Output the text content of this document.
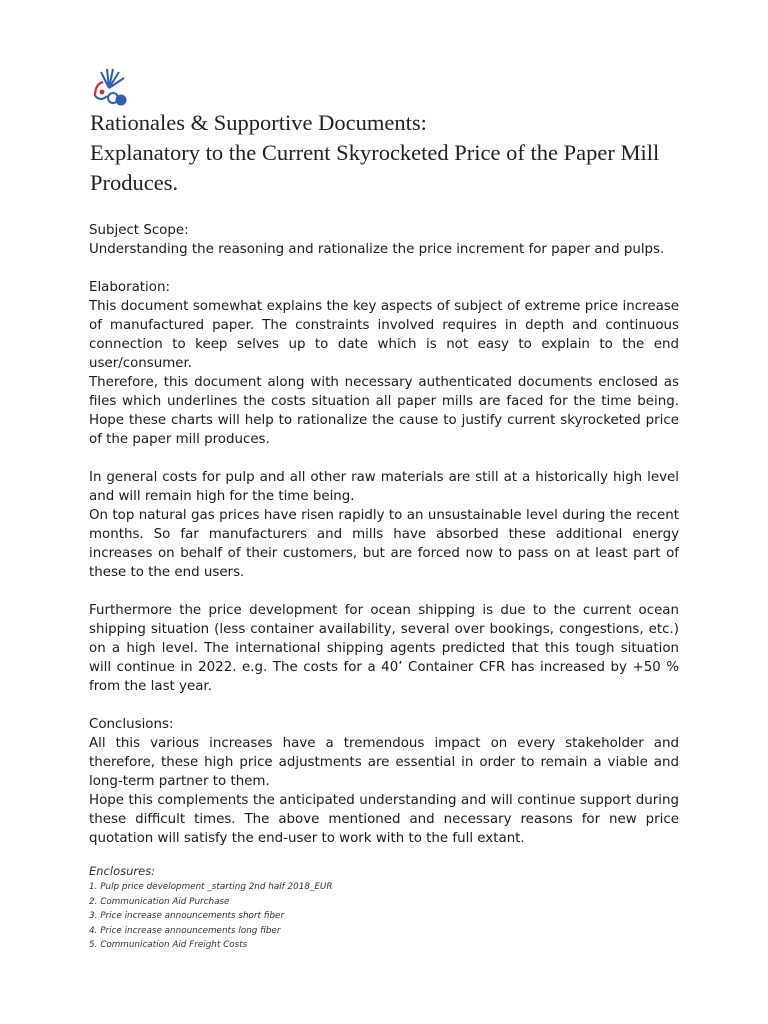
Rationales & Supportive Documents:
Explanatory to the Current Skyrocketed Price of the Paper Mill
Produces.

Subject Scope:

Understanding the reasoning and rationalize the price increment for paper and pulps.

Elaboration:

This document somewhat explains the key aspects of subject of extreme price increase of manufactured paper. The constraints involved requires in depth and continuous connection to keep selves up to date which is not easy to explain to the end user/consumer.

Therefore, this document along with necessary authenticated documents enclosed as files which underlines the costs situation all paper mills are faced for the time being. Hope these charts will help to rationalize the cause to justify current skyrocketed price of the paper mill produces.

In general costs for pulp and all other raw materials are still at a historically high level and will remain high for the time being.

On top natural gas prices have risen rapidly to an unsustainable level during the recent months. So far manufacturers and mills have absorbed these additional energy increases on behalf of their customers, but are forced now to pass on at least part of these to the end users.

Furthermore the price development for ocean shipping is due to the current ocean shipping situation (less container availability, several over bookings, congestions, etc.) on a high level. The international shipping agents predicted that this tough situation will continue in 2022. e.g. The costs for a 40’ Container CFR has increased by +50 % from the last year.

Conclusions:

All this various increases have a tremendous impact on every stakeholder and therefore, these high price adjustments are essential in order to remain a viable and long-term partner to them.

Hope this complements the anticipated understanding and will continue support during these difficult times. The above mentioned and necessary reasons for new price quotation will satisfy the end-user to work with to the full extant.

Enclosures:

1. Pulp price development _starting 2nd half 2018_EUR
2. Communication Aid Purchase
3. Price increase announcements short fiber
4. Price increase announcements long fiber
5. Communication Aid Freight Costs
